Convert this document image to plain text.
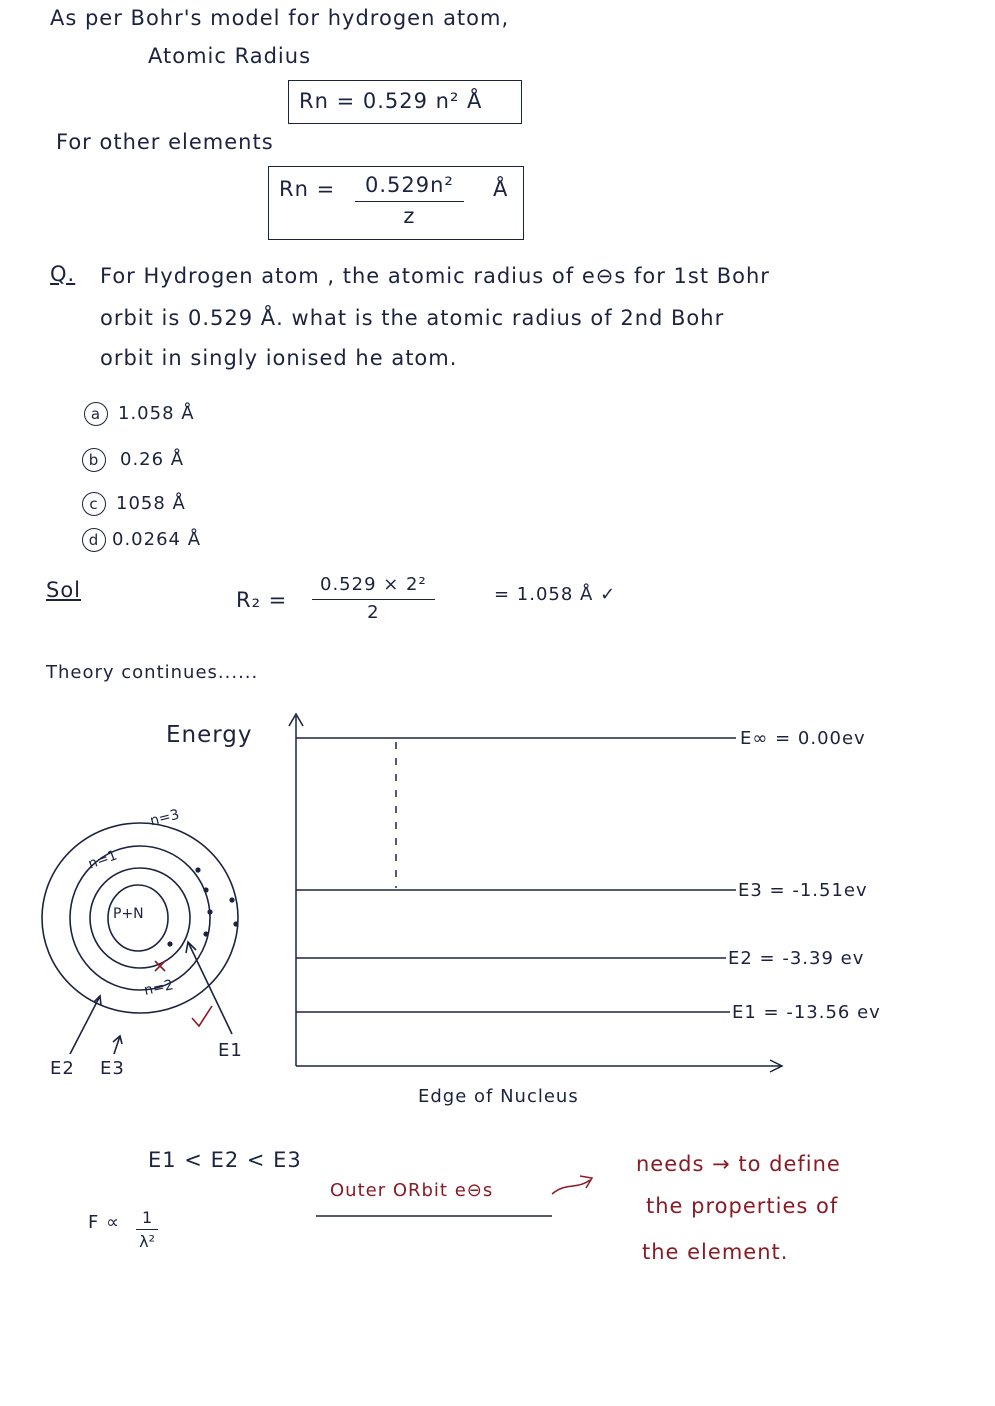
As per Bohr's model for hydrogen atom,
Atomic Radius
Rn = 0.529 n² Å
For other elements
$Rn = \frac{\text{0.529n²}}{z}$ Å
Q. For Hydrogen atom , the atomic radius of e⊖s for 1st Bohr
orbit is 0.529 Å. what is the atomic radius of 2nd Bohr
orbit in singly ionised he atom.
a 1.058 Å
b 0.26 Å
c 1058 Å
d 0.0264 Å
Sol	$R_2 = \frac{\text{0.529 × 2²}}{2}$	= 1.058 Å ✓
Theory continues......
Energy	E∞ = 0.00ev
E3 = -1.51ev
E2 = -3.39 ev
E1 = -13.56 ev
Edge of Nucleus
P+N
n=1
n=3
n=2
E2 E3
E1
E1 < E2 < E3
$F \propto \frac{1}{\text{λ²}}$
Outer ORbit e⊖s
needs → to define
the properties of
the element.
